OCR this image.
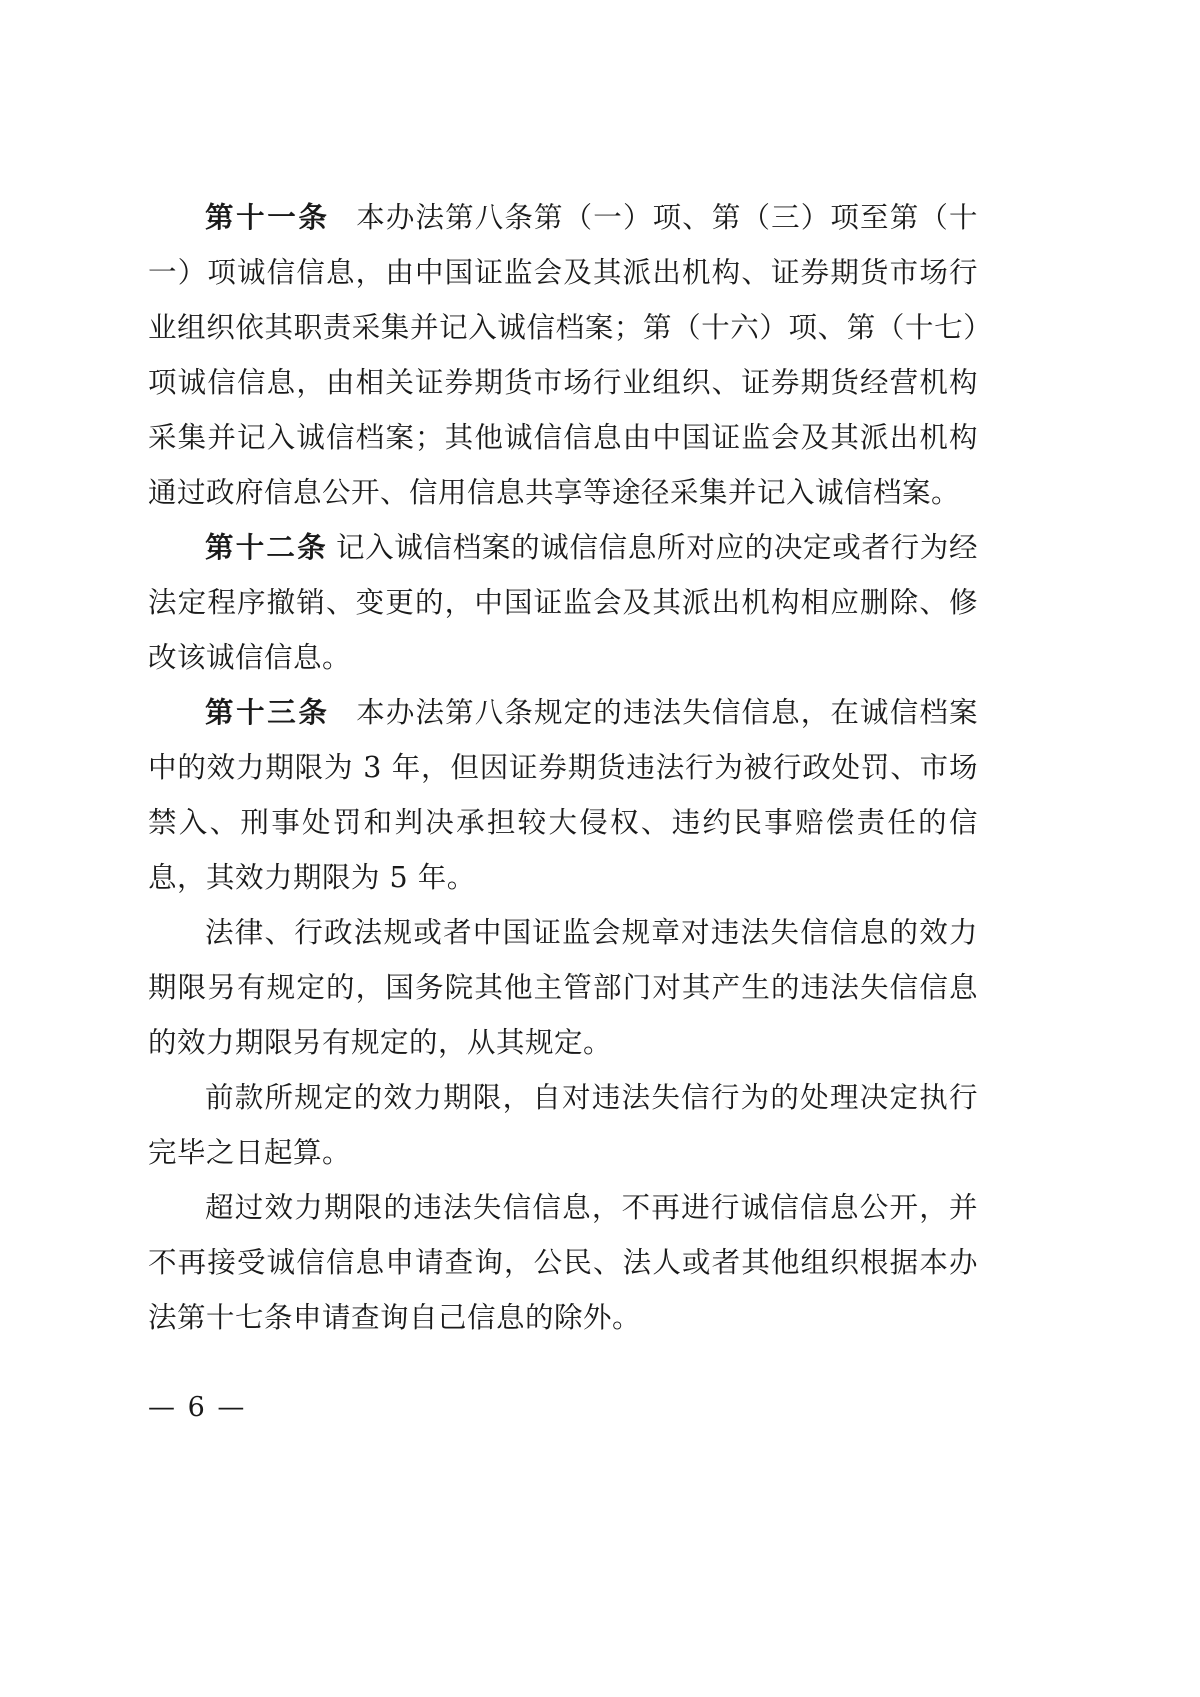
第十一条 本办法第八条第（一）项、第（三）项至第（十一）项诚信信息，由中国证监会及其派出机构、证券期货市场行业组织依其职责采集并记入诚信档案；第（十六）项、第（十七）项诚信信息，由相关证券期货市场行业组织、证券期货经营机构采集并记入诚信档案；其他诚信信息由中国证监会及其派出机构通过政府信息公开、信用信息共享等途径采集并记入诚信档案。

第十二条 记入诚信档案的诚信信息所对应的决定或者行为经法定程序撤销、变更的，中国证监会及其派出机构相应删除、修改该诚信信息。

第十三条 本办法第八条规定的违法失信信息，在诚信档案中的效力期限为 3 年，但因证券期货违法行为被行政处罚、市场禁入、刑事处罚和判决承担较大侵权、违约民事赔偿责任的信息，其效力期限为 5 年。

法律、行政法规或者中国证监会规章对违法失信信息的效力期限另有规定的，国务院其他主管部门对其产生的违法失信信息的效力期限另有规定的，从其规定。

前款所规定的效力期限，自对违法失信行为的处理决定执行完毕之日起算。

超过效力期限的违法失信信息，不再进行诚信信息公开，并不再接受诚信信息申请查询，公民、法人或者其他组织根据本办法第十七条申请查询自己信息的除外。

— 6 —
